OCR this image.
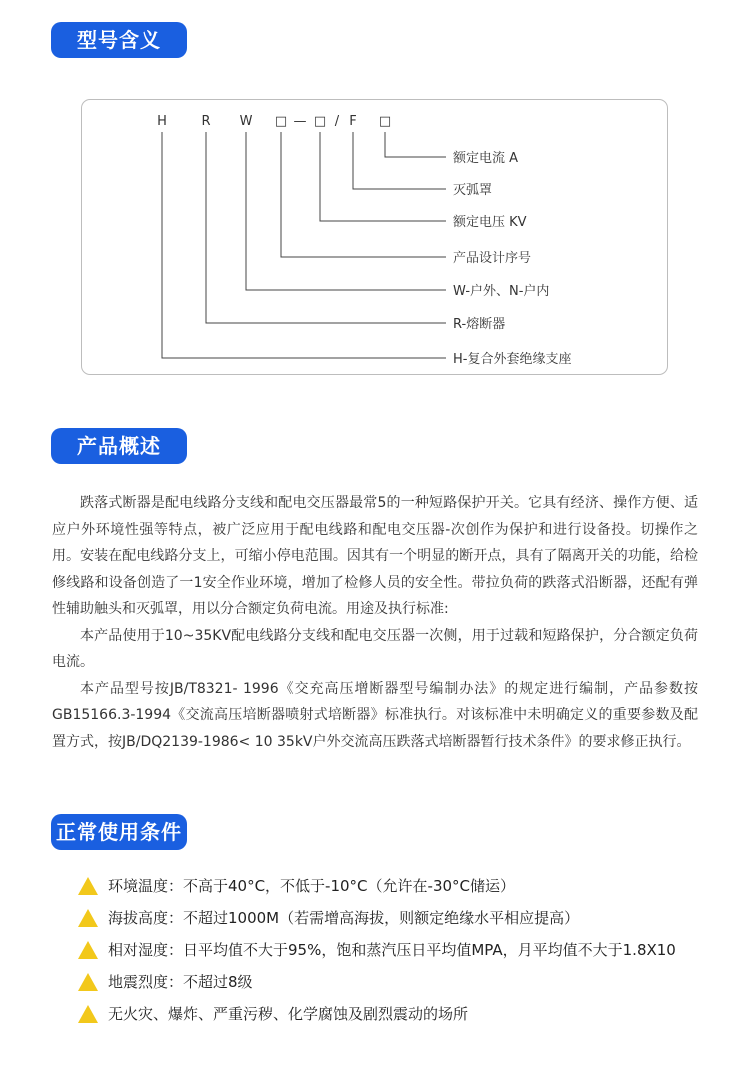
型号含义
H	R W □ — □ / F □
额定电流 A
灭弧罩
额定电压 KV
产品设计序号
W-户外、N-户内
R-熔断器
H-复合外套绝缘支座
产品概述

跌落式断器是配电线路分支线和配电交压器最常5的一种短路保护开关。它具有经济、操作方便、适应户外环境性强等特点，被广泛应用于配电线路和配电交压器-次创作为保护和进行设备投。切操作之用。安装在配电线路分支上，可缩小停电范围。因其有一个明显的断开点，具有了隔离开关的功能，给检修线路和设备创造了一1安全作业环境，增加了检修人员的安全性。带拉负荷的跌落式沿断器，还配有弹性辅助触头和灭弧罩，用以分合额定负荷电流。用途及执行标准:

本产品使用于10~35KV配电线路分支线和配电交压器一次侧，用于过载和短路保护，分合额定负荷电流。

本产品型号按JB/T8321- 1996《交充高压增断器型号编制办法》的规定进行编制，产品参数按GB15166.3-1994《交流高压培断器喷射式培断器》标准执行。对该标准中未明确定义的重要参数及配置方式，按JB/DQ2139-1986< 10 35kV户外交流高压跌落式培断器暂行技术条件》的要求修正执行。

正常使用条件
环境温度：不高于40°C，不低于-10°C（允许在-30°C储运）
海拔高度：不超过1000M（若需增高海拔，则额定绝缘水平相应提高）
相对湿度：日平均值不大于95%，饱和蒸汽压日平均值MPA，月平均值不大于1.8X10
地震烈度：不超过8级
无火灾、爆炸、严重污秽、化学腐蚀及剧烈震动的场所
